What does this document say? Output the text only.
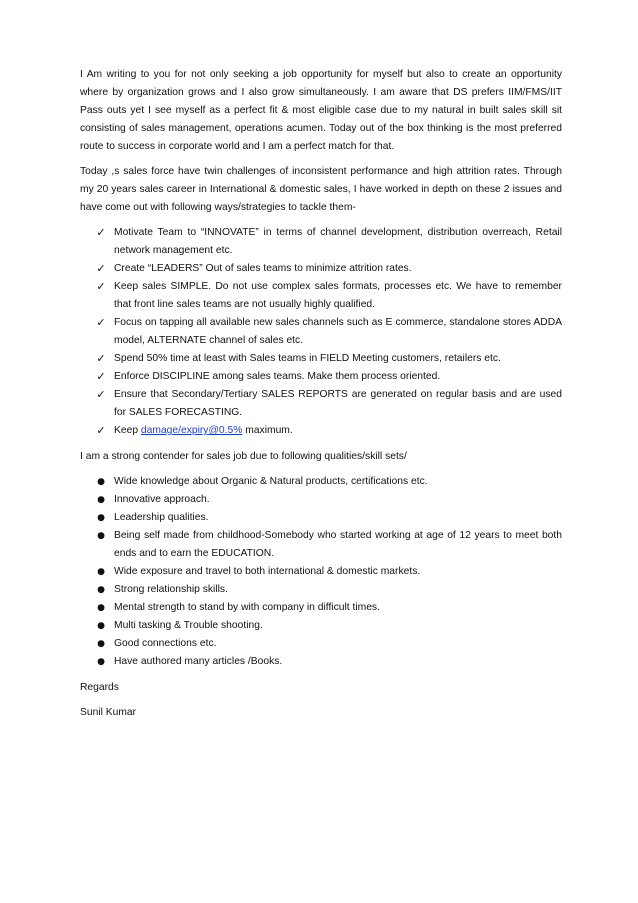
I Am writing to you for not only seeking a job opportunity for myself but also to create an opportunity where by organization grows and I also grow simultaneously. I am aware that DS prefers IIM/FMS/IIT Pass outs yet I see myself as a perfect fit & most eligible case due to my natural in built sales skill sit consisting of sales management, operations acumen. Today out of the box thinking is the most preferred route to success in corporate world and I am a perfect match for that.

Today ,s sales force have twin challenges of inconsistent performance and high attrition rates. Through my 20 years sales career in International & domestic sales, I have worked in depth on these 2 issues and have come out with following ways/strategies to tackle them-

✓ Motivate Team to “INNOVATE” in terms of channel development, distribution overreach, Retail network management etc.
✓ Create “LEADERS” Out of sales teams to minimize attrition rates.
✓ Keep sales SIMPLE. Do not use complex sales formats, processes etc. We have to remember that front line sales teams are not usually highly qualified.
✓ Focus on tapping all available new sales channels such as E commerce, standalone stores ADDA model, ALTERNATE channel of sales etc.
✓ Spend 50% time at least with Sales teams in FIELD Meeting customers, retailers etc.
✓ Enforce DISCIPLINE among sales teams. Make them process oriented.
✓ Ensure that Secondary/Tertiary SALES REPORTS are generated on regular basis and are used for SALES FORECASTING.
✓ Keep damage/expiry@0.5% maximum.

I am a strong contender for sales job due to following qualities/skill sets/

● Wide knowledge about Organic & Natural products, certifications etc.
● Innovative approach.
● Leadership qualities.
● Being self made from childhood-Somebody who started working at age of 12 years to meet both ends and to earn the EDUCATION.
● Wide exposure and travel to both international & domestic markets.
● Strong relationship skills.
● Mental strength to stand by with company in difficult times.
● Multi tasking & Trouble shooting.
● Good connections etc.
● Have authored many articles /Books.

Regards

Sunil Kumar
